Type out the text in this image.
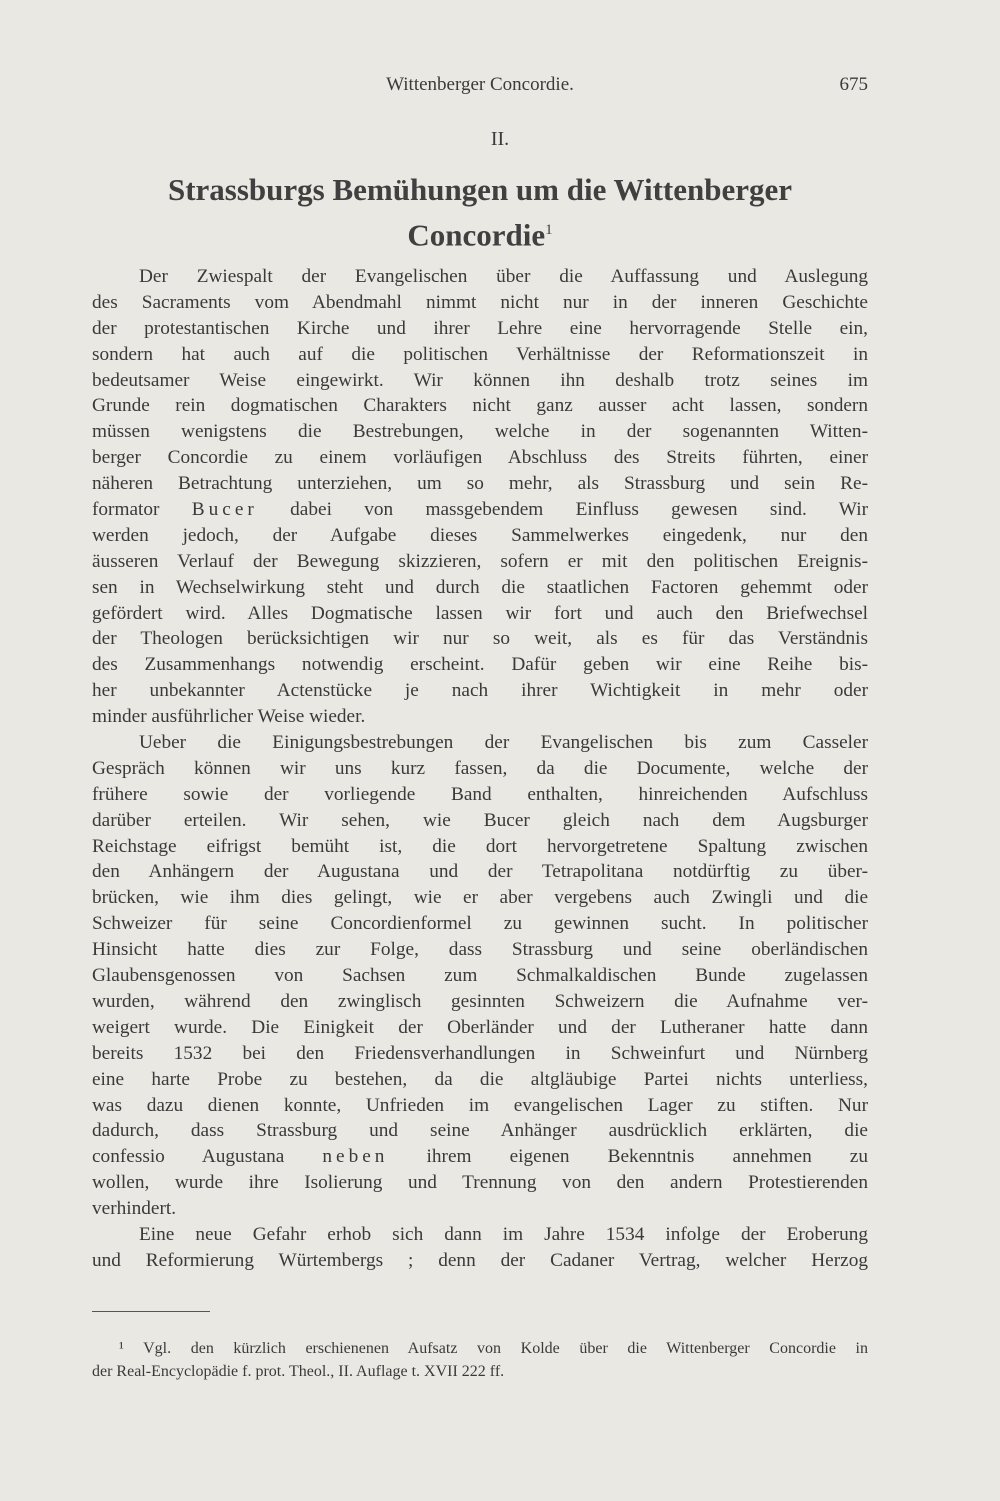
Wittenberger Concordie.	675
II.
Strassburgs Bemühungen um die Wittenberger
Concordie$^1$
Der Zwiespalt der Evangelischen über die Auffassung und Auslegung
des Sacraments vom Abendmahl nimmt nicht nur in der inneren Geschichte
der protestantischen Kirche und ihrer Lehre eine hervorragende Stelle ein,
sondern hat auch auf die politischen Verhältnisse der Reformationszeit in
bedeutsamer Weise eingewirkt. Wir können ihn deshalb trotz seines im
Grunde rein dogmatischen Charakters nicht ganz ausser acht lassen, sondern
müssen wenigstens die Bestrebungen, welche in der sogenannten Witten-
berger Concordie zu einem vorläufigen Abschluss des Streits führten, einer
näheren Betrachtung unterziehen, um so mehr, als Strassburg und sein Re-
formator Bucer dabei von massgebendem Einfluss gewesen sind. Wir
werden jedoch, der Aufgabe dieses Sammelwerkes eingedenk, nur den
äusseren Verlauf der Bewegung skizzieren, sofern er mit den politischen Ereignis-
sen in Wechselwirkung steht und durch die staatlichen Factoren gehemmt oder
gefördert wird. Alles Dogmatische lassen wir fort und auch den Briefwechsel
der Theologen berücksichtigen wir nur so weit, als es für das Verständnis
des Zusammenhangs notwendig erscheint. Dafür geben wir eine Reihe bis-
her unbekannter Actenstücke je nach ihrer Wichtigkeit in mehr oder
minder ausführlicher Weise wieder.
Ueber die Einigungsbestrebungen der Evangelischen bis zum Casseler
Gespräch können wir uns kurz fassen, da die Documente, welche der
frühere sowie der vorliegende Band enthalten, hinreichenden Aufschluss
darüber erteilen. Wir sehen, wie Bucer gleich nach dem Augsburger
Reichstage eifrigst bemüht ist, die dort hervorgetretene Spaltung zwischen
den Anhängern der Augustana und der Tetrapolitana notdürftig zu über-
brücken, wie ihm dies gelingt, wie er aber vergebens auch Zwingli und die
Schweizer für seine Concordienformel zu gewinnen sucht. In politischer
Hinsicht hatte dies zur Folge, dass Strassburg und seine oberländischen
Glaubensgenossen von Sachsen zum Schmalkaldischen Bunde zugelassen
wurden, während den zwinglisch gesinnten Schweizern die Aufnahme ver-
weigert wurde. Die Einigkeit der Oberländer und der Lutheraner hatte dann
bereits 1532 bei den Friedensverhandlungen in Schweinfurt und Nürnberg
eine harte Probe zu bestehen, da die altgläubige Partei nichts unterliess,
was dazu dienen konnte, Unfrieden im evangelischen Lager zu stiften. Nur
dadurch, dass Strassburg und seine Anhänger ausdrücklich erklärten, die
confessio Augustana neben ihrem eigenen Bekenntnis annehmen zu
wollen, wurde ihre Isolierung und Trennung von den andern Protestierenden
verhindert.
Eine neue Gefahr erhob sich dann im Jahre 1534 infolge der Eroberung
und Reformierung Würtembergs ; denn der Cadaner Vertrag, welcher Herzog
¹ Vgl. den kürzlich erschienenen Aufsatz von Kolde über die Wittenberger Concordie in
der Real-Encyclopädie f. prot. Theol., II. Auflage t. XVII 222 ff.
